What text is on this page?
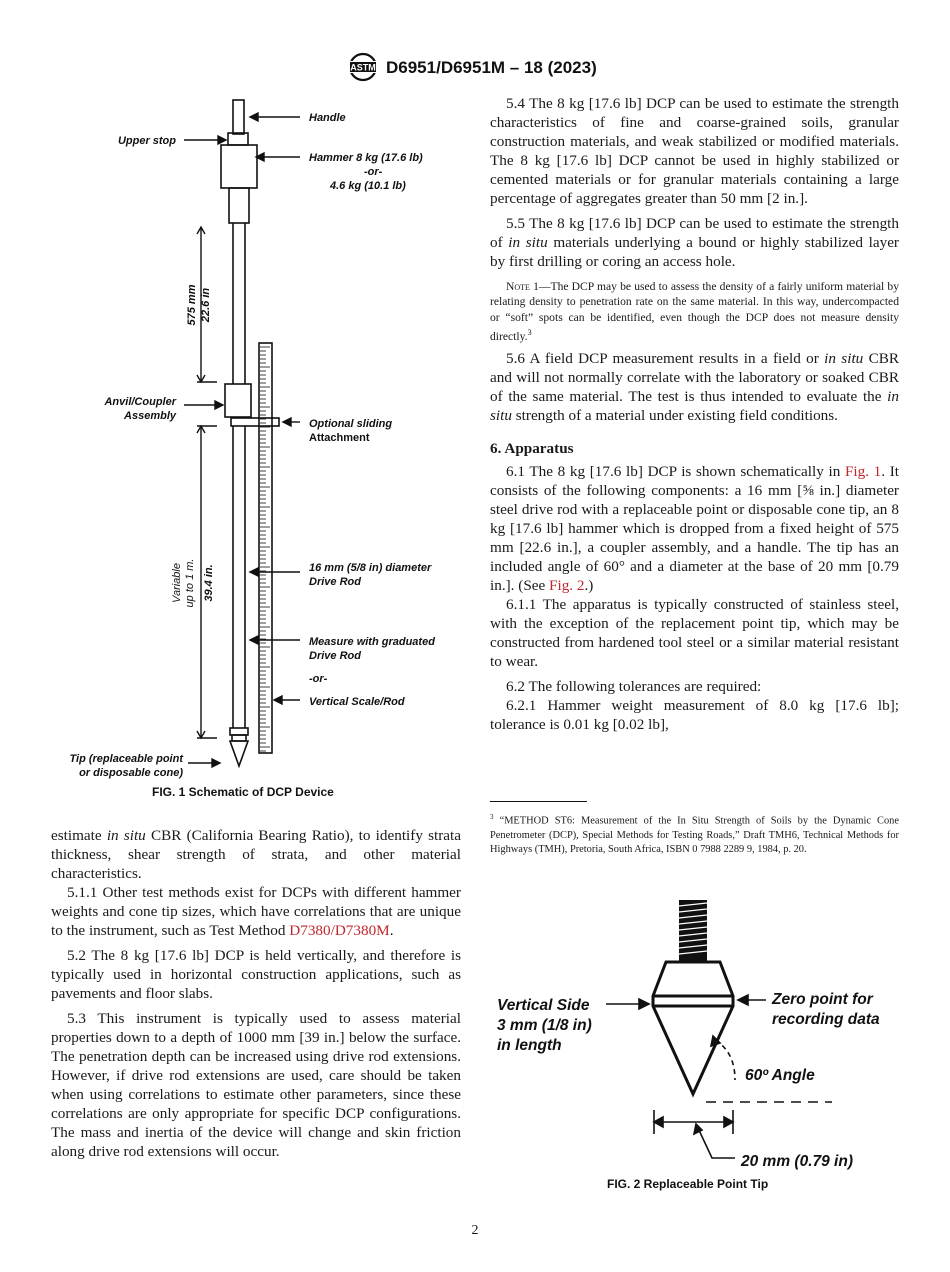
ASTM D6951/D6951M – 18 (2023)
Handle
Upper stop
Hammer 8 kg (17.6 lb)
-or-
4.6 kg (10.1 lb)
Anvil/Coupler
Assembly
Optional sliding
Attachment
16 mm (5/8 in) diameter
Drive Rod
Measure with graduated
Drive Rod
-or-
Vertical Scale/Rod
Tip (replaceable point
or disposable cone)
575 mm 22.6 in
Variable up to 1 m. 39.4 in.
FIG. 1 Schematic of DCP Device

estimate in situ CBR (California Bearing Ratio), to identify strata thickness, shear strength of strata, and other material characteristics.

5.1.1 Other test methods exist for DCPs with different hammer weights and cone tip sizes, which have correlations that are unique to the instrument, such as Test Method D7380/D7380M.

5.2 The 8 kg [17.6 lb] DCP is held vertically, and therefore is typically used in horizontal construction applications, such as pavements and floor slabs.

5.3 This instrument is typically used to assess material properties down to a depth of 1000 mm [39 in.] below the surface. The penetration depth can be increased using drive rod extensions. However, if drive rod extensions are used, care should be taken when using correlations to estimate other parameters, since these correlations are only appropriate for specific DCP configurations. The mass and inertia of the device will change and skin friction along drive rod extensions will occur.

5.4 The 8 kg [17.6 lb] DCP can be used to estimate the strength characteristics of fine and coarse-grained soils, granular construction materials, and weak stabilized or modified materials. The 8 kg [17.6 lb] DCP cannot be used in highly stabilized or cemented materials or for granular materials containing a large percentage of aggregates greater than 50 mm [2 in.].

5.5 The 8 kg [17.6 lb] DCP can be used to estimate the strength of in situ materials underlying a bound or highly stabilized layer by first drilling or coring an access hole.

Note 1—The DCP may be used to assess the density of a fairly uniform material by relating density to penetration rate on the same material. In this way, undercompacted or “soft” spots can be identified, even though the DCP does not measure density directly.$^3$

5.6 A field DCP measurement results in a field or in situ CBR and will not normally correlate with the laboratory or soaked CBR of the same material. The test is thus intended to evaluate the in situ strength of a material under existing field conditions.

6. Apparatus

6.1 The 8 kg [17.6 lb] DCP is shown schematically in Fig. 1. It consists of the following components: a 16 mm [⅝ in.] diameter steel drive rod with a replaceable point or disposable cone tip, an 8 kg [17.6 lb] hammer which is dropped from a fixed height of 575 mm [22.6 in.], a coupler assembly, and a handle. The tip has an included angle of 60° and a diameter at the base of 20 mm [0.79 in.]. (See Fig. 2.)

6.1.1 The apparatus is typically constructed of stainless steel, with the exception of the replacement point tip, which may be constructed from hardened tool steel or a similar material resistant to wear.

6.2 The following tolerances are required:

6.2.1 Hammer weight measurement of 8.0 kg [17.6 lb]; tolerance is 0.01 kg [0.02 lb],

$^3$ “METHOD ST6: Measurement of the In Situ Strength of Soils by the Dynamic Cone Penetrometer (DCP), Special Methods for Testing Roads,” Draft TMH6, Technical Methods for Highways (TMH), Pretoria, South Africa, ISBN 0 7988 2289 9, 1984, p. 20.
Vertical Side
3 mm (1/8 in)
in length
Zero point for
recording data
60º Angle
20 mm (0.79 in)
FIG. 2 Replaceable Point Tip
2
